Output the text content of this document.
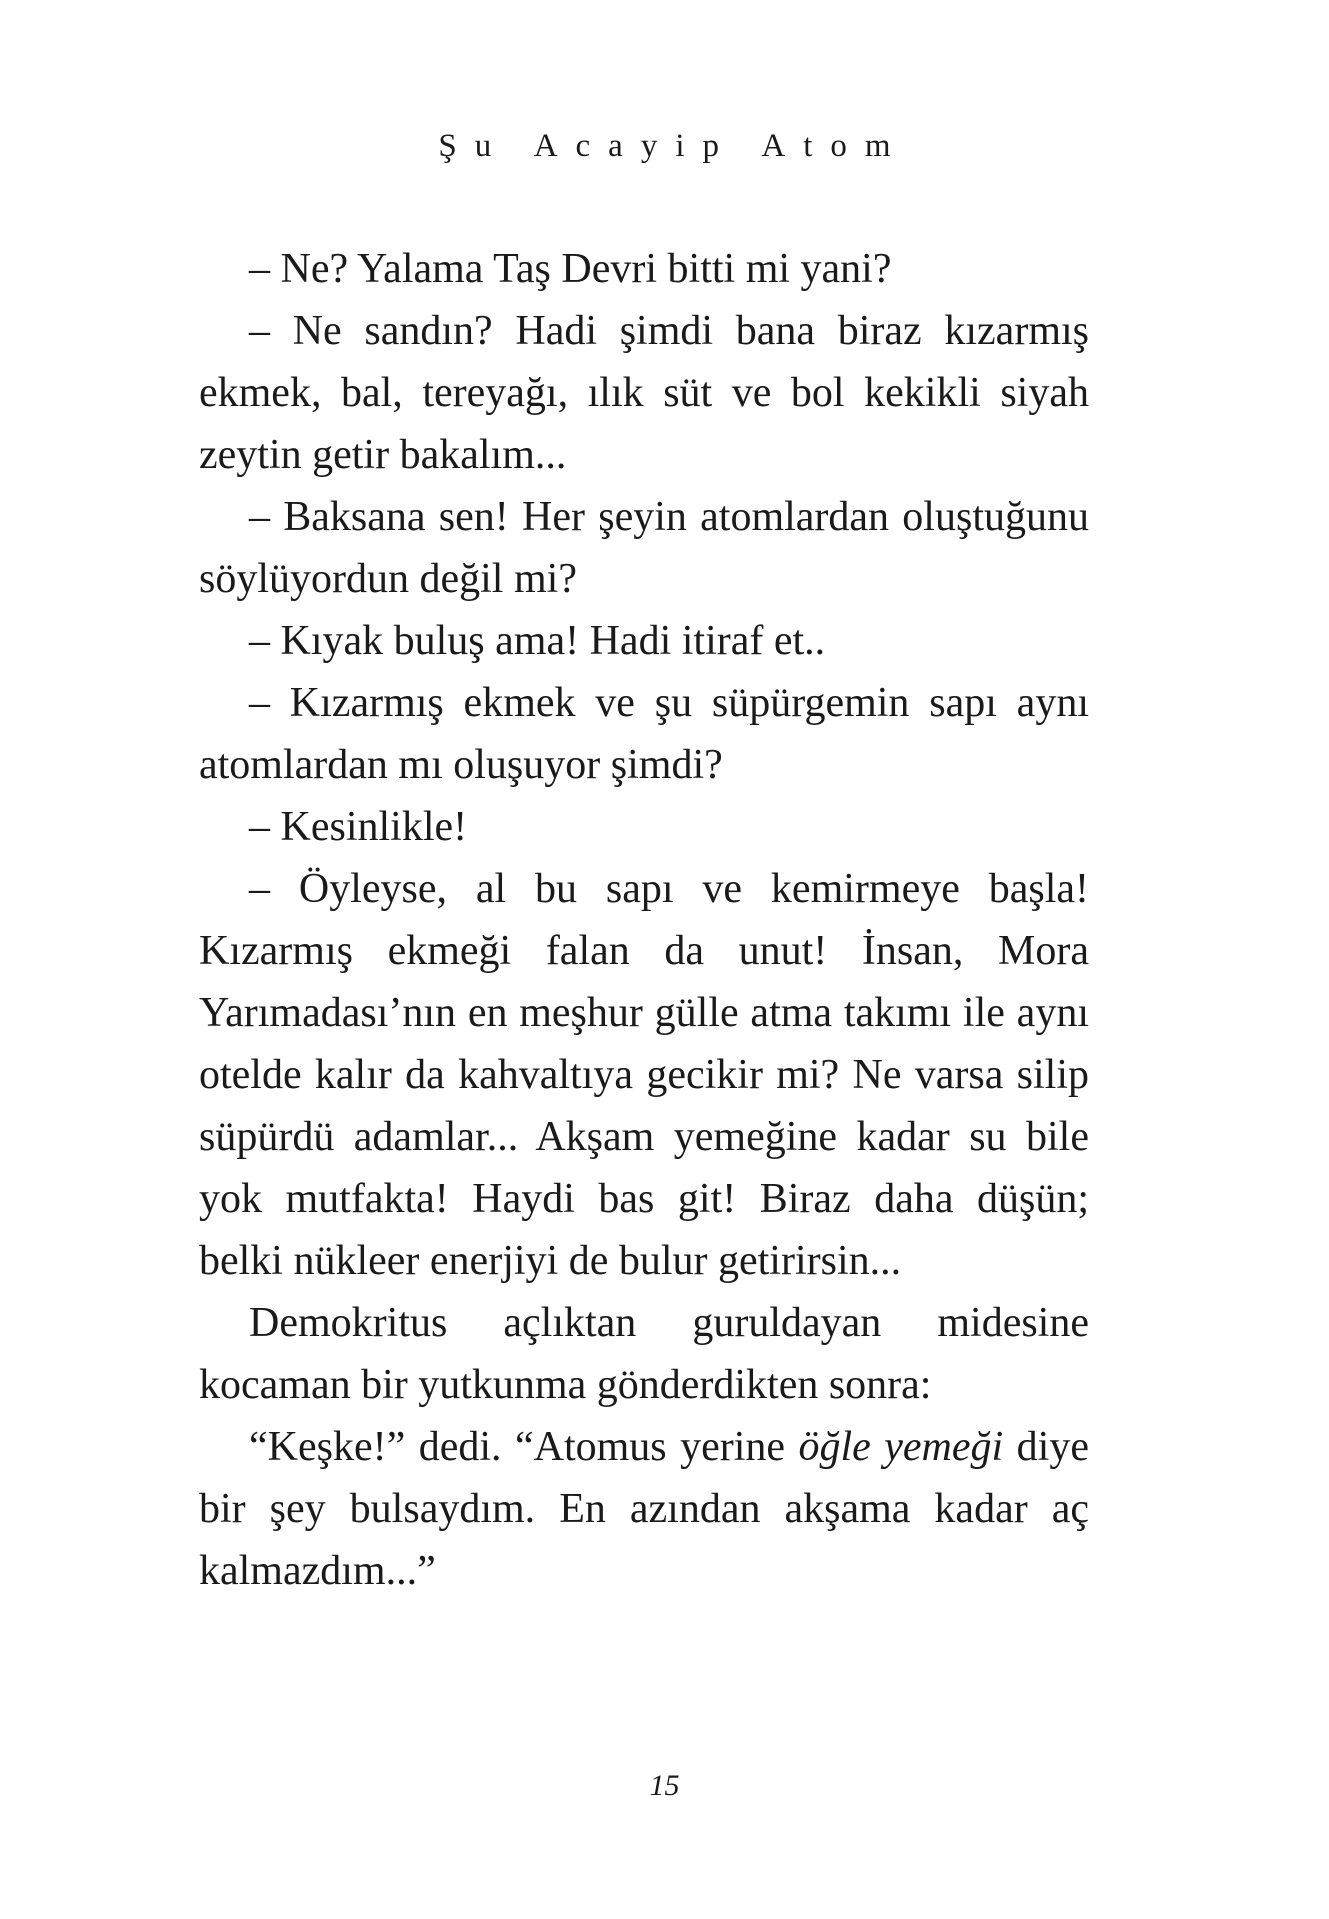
Şu Acayip Atom

– Ne? Yalama Taş Devri bitti mi yani?

– Ne sandın? Hadi şimdi bana biraz kızarmış ekmek, bal, tereyağı, ılık süt ve bol kekikli siyah zeytin getir bakalım...

– Baksana sen! Her şeyin atomlardan oluştuğunu söylüyordun değil mi?

– Kıyak buluş ama! Hadi itiraf et..

– Kızarmış ekmek ve şu süpürgemin sapı aynı atomlardan mı oluşuyor şimdi?

– Kesinlikle!

– Öyleyse, al bu sapı ve kemirmeye başla! Kızarmış ekmeği falan da unut! İnsan, Mora Yarımadası’nın en meşhur gülle atma takımı ile aynı otelde kalır da kahvaltıya gecikir mi? Ne varsa silip süpürdü adamlar... Akşam yemeğine kadar su bile yok mutfakta! Haydi bas git! Biraz daha düşün; belki nükleer enerjiyi de bulur getirirsin...

Demokritus açlıktan guruldayan midesine kocaman bir yutkunma gönderdikten sonra:

“Keşke!” dedi. “Atomus yerine öğle yemeği diye bir şey bulsaydım. En azından akşama kadar aç kalmazdım...”

15
